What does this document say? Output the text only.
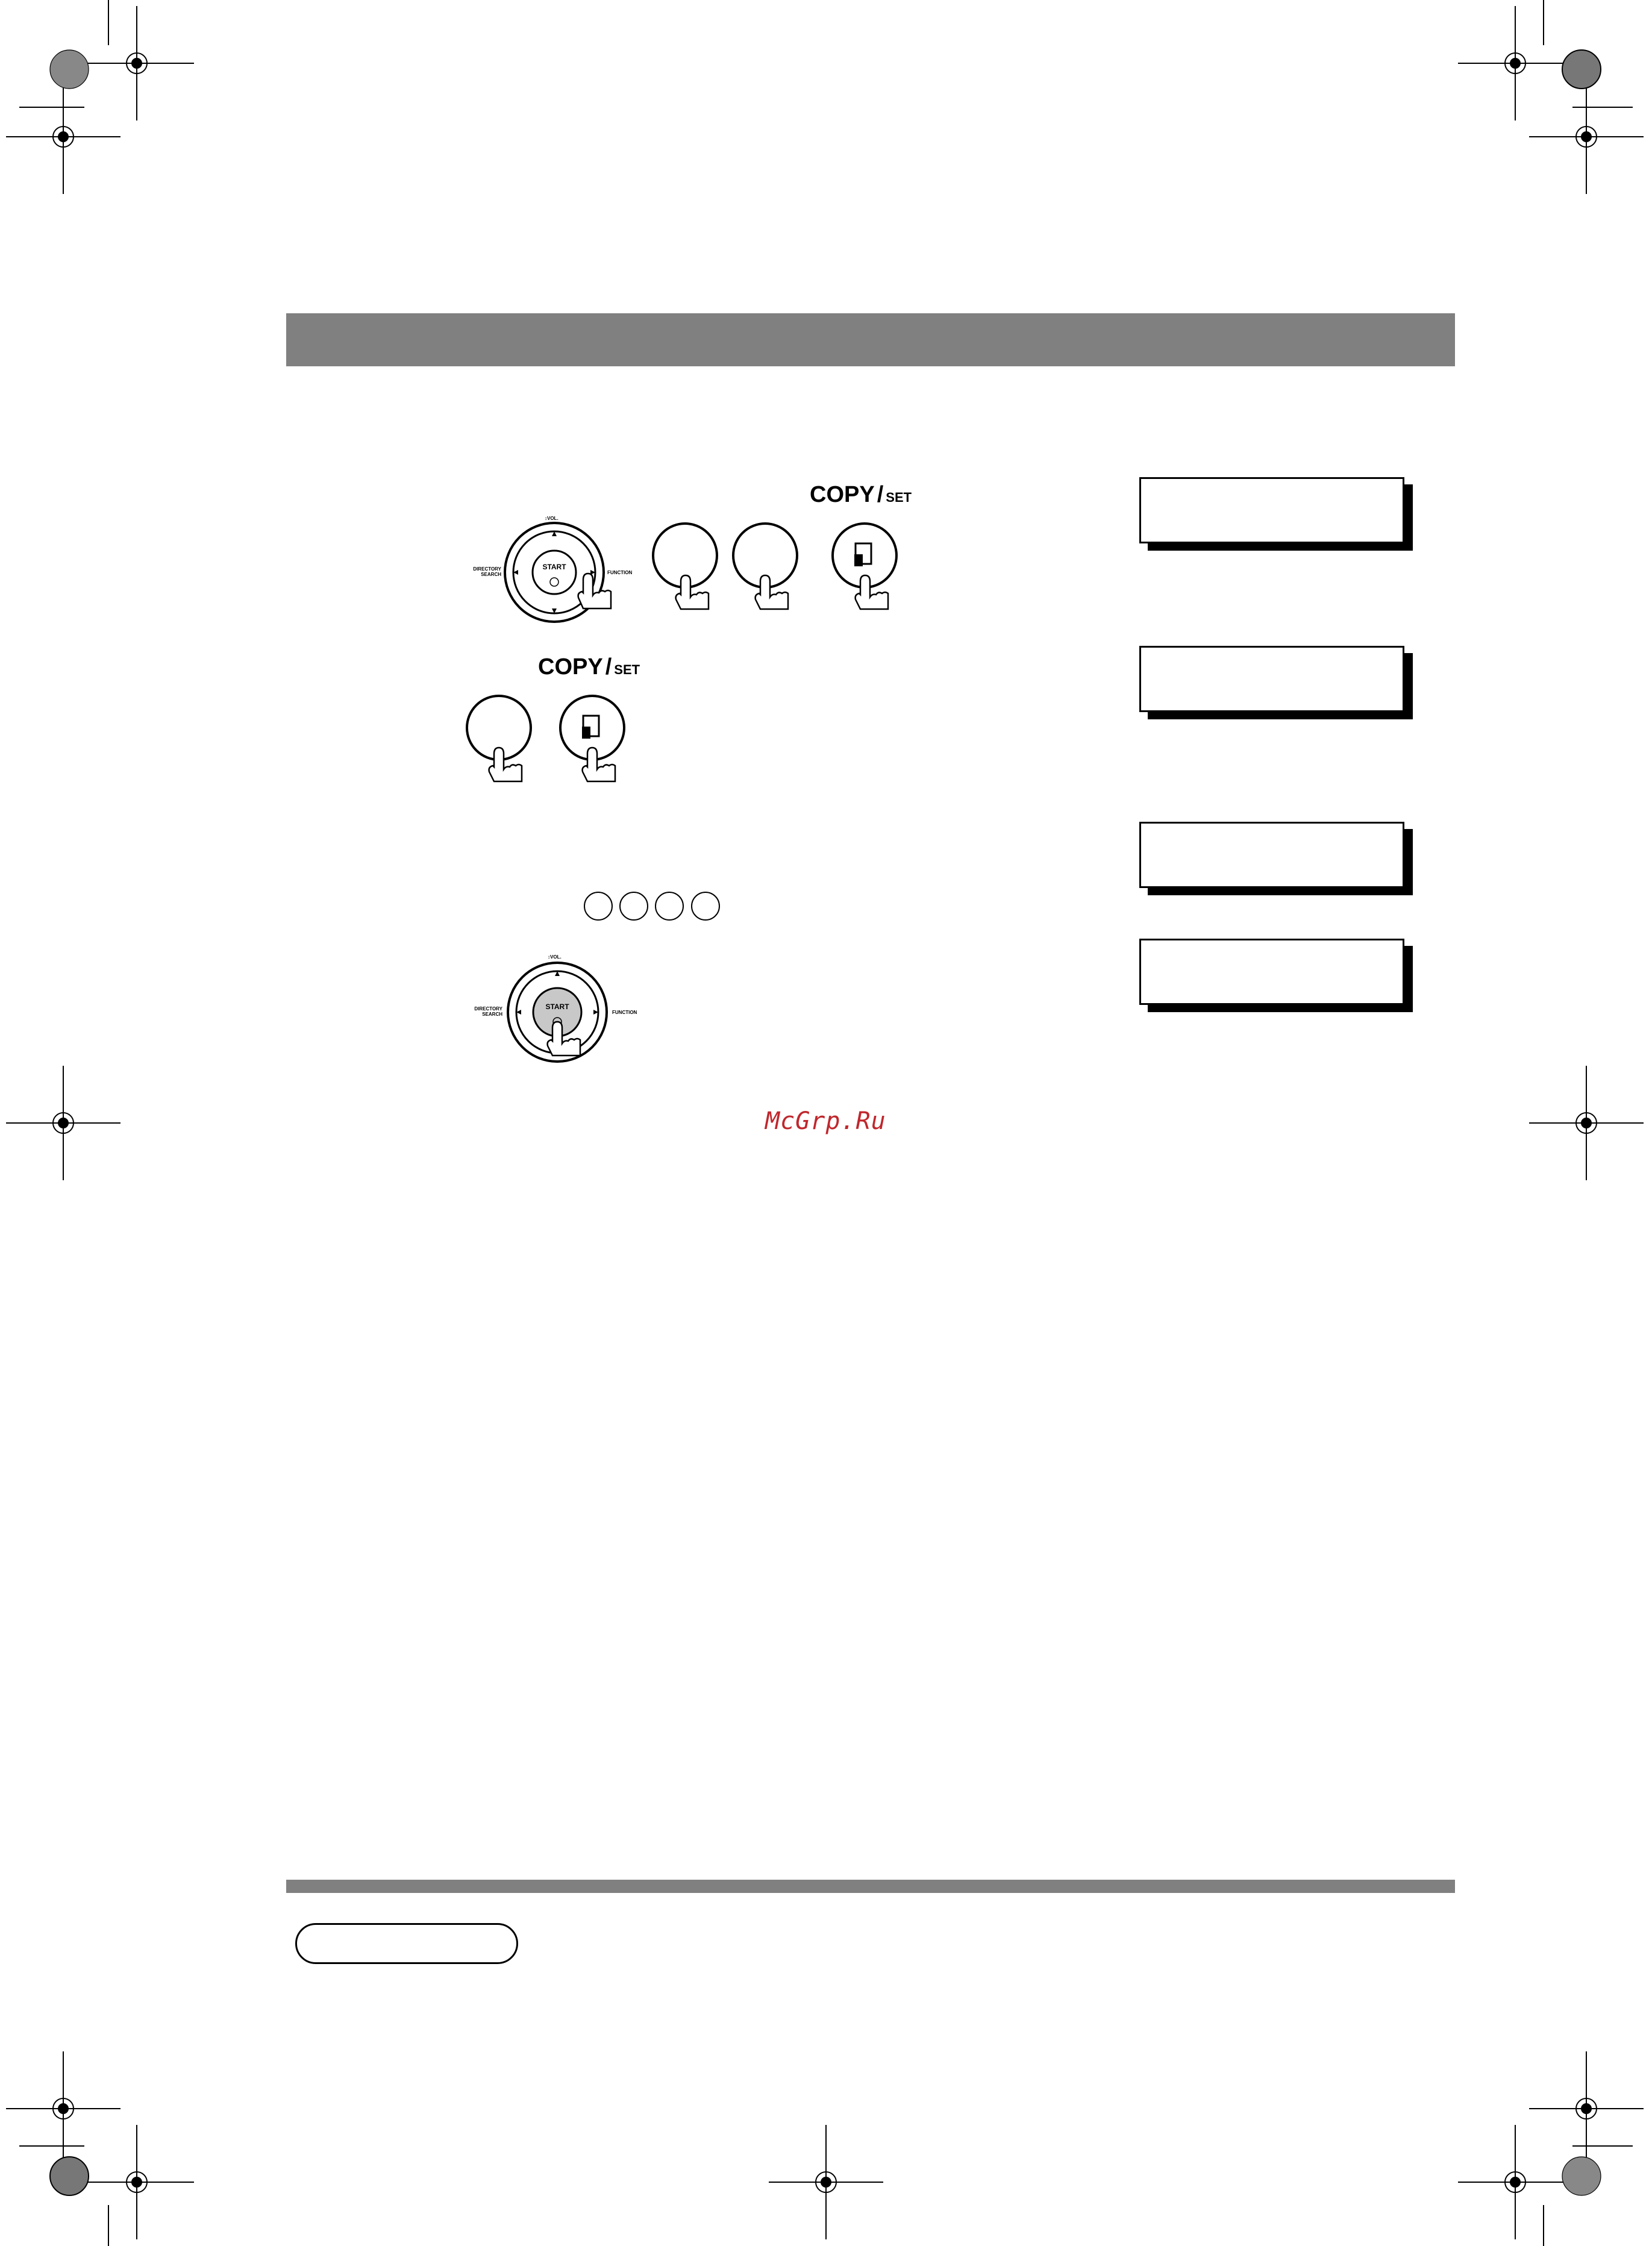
COPY / SET
COPY / SET
↕VOL.
DIRECTORY
SEARCH	FUNCTION
START
↕VOL.
DIRECTORY
SEARCH	FUNCTION
START
McGrp.Ru
